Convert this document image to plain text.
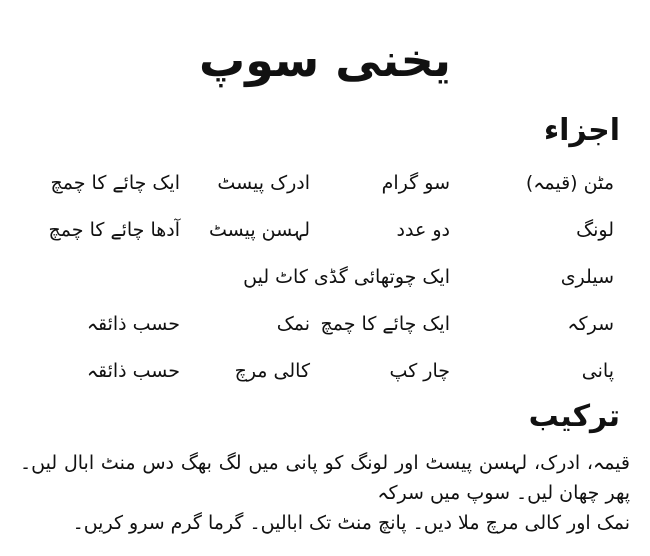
یخنی سوپ
اجزاء
مٹن (قیمہ)
سو گرام
ادرک پیسٹ
ایک چائے کا چمچ
لونگ
دو عدد
لہسن پیسٹ
آدھا چائے کا چمچ
سیلری
ایک چوتھائی گڈی کاٹ لیں
سرکہ
ایک چائے کا چمچ
نمک
حسب ذائقہ
پانی
چار کپ
کالی مرچ
حسب ذائقہ
ترکیب

قیمہ، ادرک، لہسن پیسٹ اور لونگ کو پانی میں لگ بھگ دس منٹ ابال لیں۔ پھر چھان لیں۔ سوپ میں سرکہ

نمک اور کالی مرچ ملا دیں۔ پانچ منٹ تک ابالیں۔ گرما گرم سرو کریں۔
